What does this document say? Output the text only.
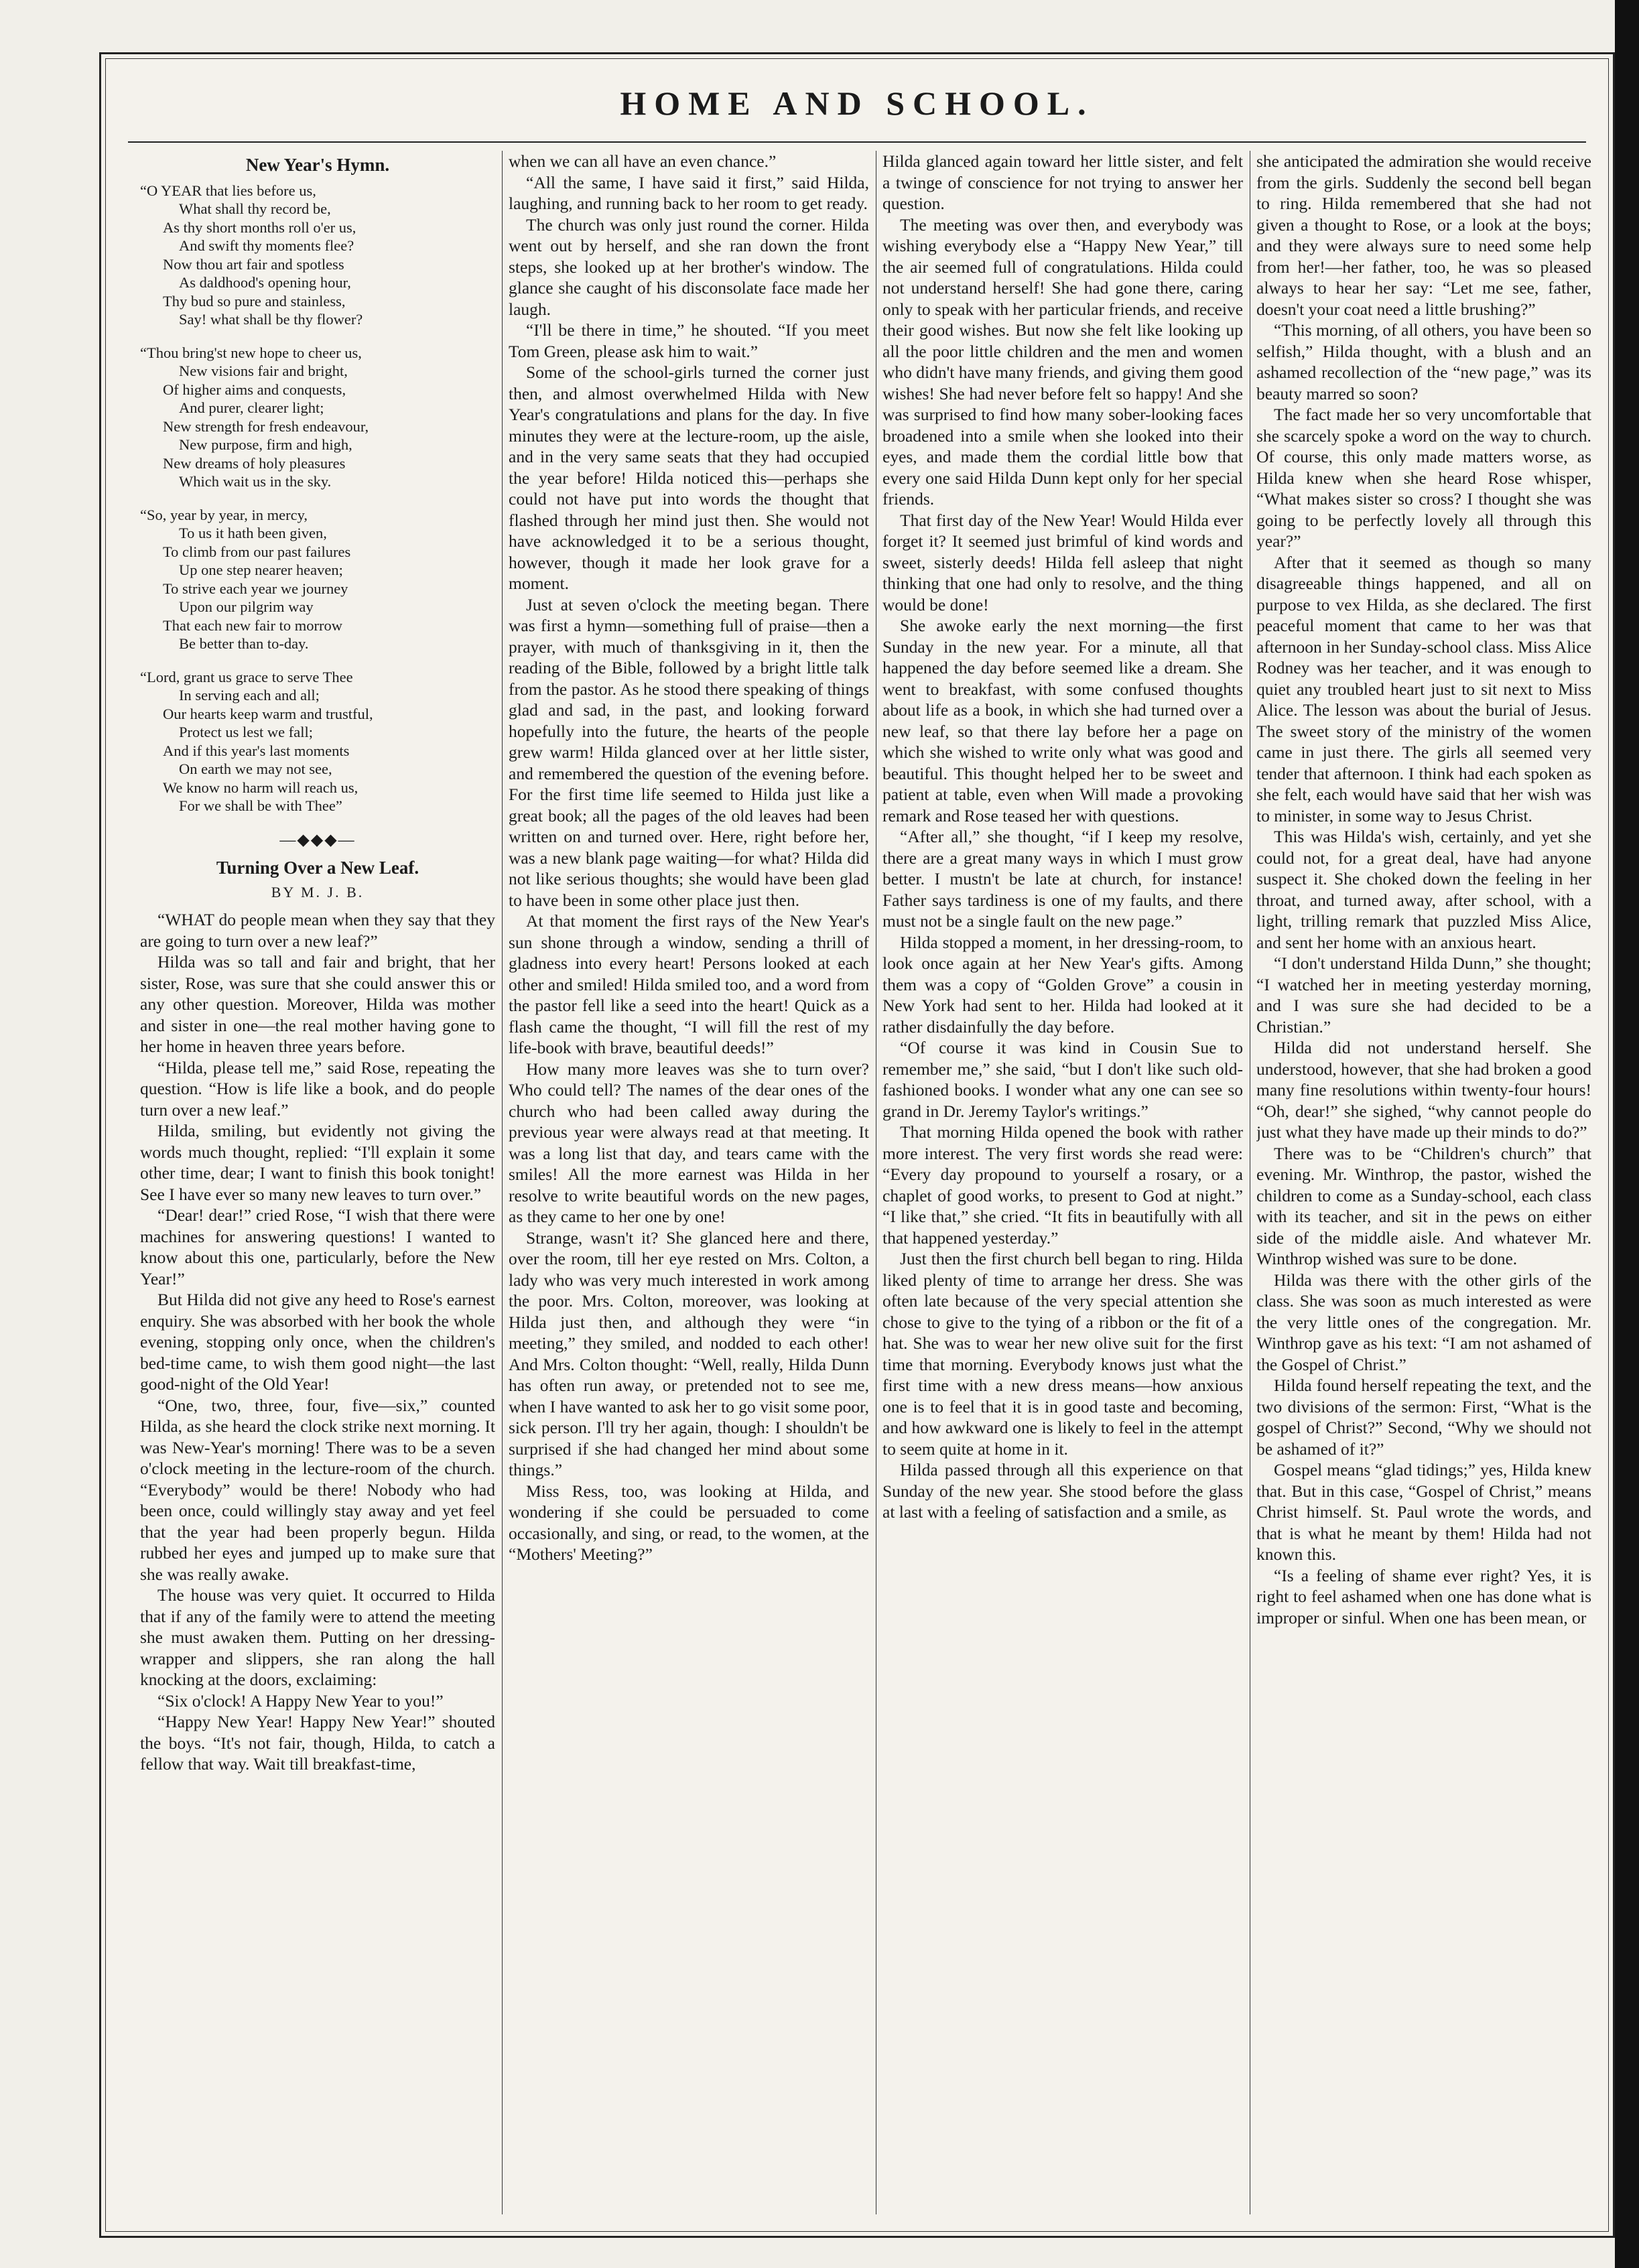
HOME AND SCHOOL.
New Year's Hymn.
“O YEAR that lies before us,
What shall thy record be,
As thy short months roll o'er us,
And swift thy moments flee?
Now thou art fair and spotless
As daldhood's opening hour,
Thy bud so pure and stainless,
Say! what shall be thy flower?
“Thou bring'st new hope to cheer us,
New visions fair and bright,
Of higher aims and conquests,
And purer, clearer light;
New strength for fresh endeavour,
New purpose, firm and high,
New dreams of holy pleasures
Which wait us in the sky.
“So, year by year, in mercy,
To us it hath been given,
To climb from our past failures
Up one step nearer heaven;
To strive each year we journey
Upon our pilgrim way
That each new fair to morrow
Be better than to-day.
“Lord, grant us grace to serve Thee
In serving each and all;
Our hearts keep warm and trustful,
Protect us lest we fall;
And if this year's last moments
On earth we may not see,
We know no harm will reach us,
For we shall be with Thee”
—◆◆◆—
Turning Over a New Leaf.
BY M. J. B.

“WHAT do people mean when they say that they are going to turn over a new leaf?”

Hilda was so tall and fair and bright, that her sister, Rose, was sure that she could answer this or any other question. Moreover, Hilda was mother and sister in one—the real mother having gone to her home in heaven three years before.

“Hilda, please tell me,” said Rose, repeating the question. “How is life like a book, and do people turn over a new leaf.”

Hilda, smiling, but evidently not giving the words much thought, replied: “I'll explain it some other time, dear; I want to finish this book tonight! See I have ever so many new leaves to turn over.”

“Dear! dear!” cried Rose, “I wish that there were machines for answering questions! I wanted to know about this one, particularly, before the New Year!”

But Hilda did not give any heed to Rose's earnest enquiry. She was absorbed with her book the whole evening, stopping only once, when the children's bed-time came, to wish them good night—the last good-night of the Old Year!

“One, two, three, four, five—six,” counted Hilda, as she heard the clock strike next morning. It was New-Year's morning! There was to be a seven o'clock meeting in the lecture-room of the church. “Everybody” would be there! Nobody who had been once, could willingly stay away and yet feel that the year had been properly begun. Hilda rubbed her eyes and jumped up to make sure that she was really awake.

The house was very quiet. It occurred to Hilda that if any of the family were to attend the meeting she must awaken them. Putting on her dressing-wrapper and slippers, she ran along the hall knocking at the doors, exclaiming:

“Six o'clock! A Happy New Year to you!”

“Happy New Year! Happy New Year!” shouted the boys. “It's not fair, though, Hilda, to catch a fellow that way. Wait till breakfast-time,

when we can all have an even chance.”

“All the same, I have said it first,” said Hilda, laughing, and running back to her room to get ready.

The church was only just round the corner. Hilda went out by herself, and she ran down the front steps, she looked up at her brother's window. The glance she caught of his disconsolate face made her laugh.

“I'll be there in time,” he shouted. “If you meet Tom Green, please ask him to wait.”

Some of the school-girls turned the corner just then, and almost overwhelmed Hilda with New Year's congratulations and plans for the day. In five minutes they were at the lecture-room, up the aisle, and in the very same seats that they had occupied the year before! Hilda noticed this—perhaps she could not have put into words the thought that flashed through her mind just then. She would not have acknowledged it to be a serious thought, however, though it made her look grave for a moment.

Just at seven o'clock the meeting began. There was first a hymn—something full of praise—then a prayer, with much of thanksgiving in it, then the reading of the Bible, followed by a bright little talk from the pastor. As he stood there speaking of things glad and sad, in the past, and looking forward hopefully into the future, the hearts of the people grew warm! Hilda glanced over at her little sister, and remembered the question of the evening before. For the first time life seemed to Hilda just like a great book; all the pages of the old leaves had been written on and turned over. Here, right before her, was a new blank page waiting—for what? Hilda did not like serious thoughts; she would have been glad to have been in some other place just then.

At that moment the first rays of the New Year's sun shone through a window, sending a thrill of gladness into every heart! Persons looked at each other and smiled! Hilda smiled too, and a word from the pastor fell like a seed into the heart! Quick as a flash came the thought, “I will fill the rest of my life-book with brave, beautiful deeds!”

How many more leaves was she to turn over? Who could tell? The names of the dear ones of the church who had been called away during the previous year were always read at that meeting. It was a long list that day, and tears came with the smiles! All the more earnest was Hilda in her resolve to write beautiful words on the new pages, as they came to her one by one!

Strange, wasn't it? She glanced here and there, over the room, till her eye rested on Mrs. Colton, a lady who was very much interested in work among the poor. Mrs. Colton, moreover, was looking at Hilda just then, and although they were “in meeting,” they smiled, and nodded to each other! And Mrs. Colton thought: “Well, really, Hilda Dunn has often run away, or pretended not to see me, when I have wanted to ask her to go visit some poor, sick person. I'll try her again, though: I shouldn't be surprised if she had changed her mind about some things.”

Miss Ress, too, was looking at Hilda, and wondering if she could be persuaded to come occasionally, and sing, or read, to the women, at the “Mothers' Meeting?”

Hilda glanced again toward her little sister, and felt a twinge of conscience for not trying to answer her question.

The meeting was over then, and everybody was wishing everybody else a “Happy New Year,” till the air seemed full of congratulations. Hilda could not understand herself! She had gone there, caring only to speak with her particular friends, and receive their good wishes. But now she felt like looking up all the poor little children and the men and women who didn't have many friends, and giving them good wishes! She had never before felt so happy! And she was surprised to find how many sober-looking faces broadened into a smile when she looked into their eyes, and made them the cordial little bow that every one said Hilda Dunn kept only for her special friends.

That first day of the New Year! Would Hilda ever forget it? It seemed just brimful of kind words and sweet, sisterly deeds! Hilda fell asleep that night thinking that one had only to resolve, and the thing would be done!

She awoke early the next morning—the first Sunday in the new year. For a minute, all that happened the day before seemed like a dream. She went to breakfast, with some confused thoughts about life as a book, in which she had turned over a new leaf, so that there lay before her a page on which she wished to write only what was good and beautiful. This thought helped her to be sweet and patient at table, even when Will made a provoking remark and Rose teased her with questions.

“After all,” she thought, “if I keep my resolve, there are a great many ways in which I must grow better. I mustn't be late at church, for instance! Father says tardiness is one of my faults, and there must not be a single fault on the new page.”

Hilda stopped a moment, in her dressing-room, to look once again at her New Year's gifts. Among them was a copy of “Golden Grove” a cousin in New York had sent to her. Hilda had looked at it rather disdainfully the day before.

“Of course it was kind in Cousin Sue to remember me,” she said, “but I don't like such old-fashioned books. I wonder what any one can see so grand in Dr. Jeremy Taylor's writings.”

That morning Hilda opened the book with rather more interest. The very first words she read were: “Every day propound to yourself a rosary, or a chaplet of good works, to present to God at night.” “I like that,” she cried. “It fits in beautifully with all that happened yesterday.”

Just then the first church bell began to ring. Hilda liked plenty of time to arrange her dress. She was often late because of the very special attention she chose to give to the tying of a ribbon or the fit of a hat. She was to wear her new olive suit for the first time that morning. Everybody knows just what the first time with a new dress means—how anxious one is to feel that it is in good taste and becoming, and how awkward one is likely to feel in the attempt to seem quite at home in it.

Hilda passed through all this experience on that Sunday of the new year. She stood before the glass at last with a feeling of satisfaction and a smile, as

she anticipated the admiration she would receive from the girls. Suddenly the second bell began to ring. Hilda remembered that she had not given a thought to Rose, or a look at the boys; and they were always sure to need some help from her!—her father, too, he was so pleased always to hear her say: “Let me see, father, doesn't your coat need a little brushing?”

“This morning, of all others, you have been so selfish,” Hilda thought, with a blush and an ashamed recollection of the “new page,” was its beauty marred so soon?

The fact made her so very uncomfortable that she scarcely spoke a word on the way to church. Of course, this only made matters worse, as Hilda knew when she heard Rose whisper, “What makes sister so cross? I thought she was going to be perfectly lovely all through this year?”

After that it seemed as though so many disagreeable things happened, and all on purpose to vex Hilda, as she declared. The first peaceful moment that came to her was that afternoon in her Sunday-school class. Miss Alice Rodney was her teacher, and it was enough to quiet any troubled heart just to sit next to Miss Alice. The lesson was about the burial of Jesus. The sweet story of the ministry of the women came in just there. The girls all seemed very tender that afternoon. I think had each spoken as she felt, each would have said that her wish was to minister, in some way to Jesus Christ.

This was Hilda's wish, certainly, and yet she could not, for a great deal, have had anyone suspect it. She choked down the feeling in her throat, and turned away, after school, with a light, trilling remark that puzzled Miss Alice, and sent her home with an anxious heart.

“I don't understand Hilda Dunn,” she thought; “I watched her in meeting yesterday morning, and I was sure she had decided to be a Christian.”

Hilda did not understand herself. She understood, however, that she had broken a good many fine resolutions within twenty-four hours! “Oh, dear!” she sighed, “why cannot people do just what they have made up their minds to do?”

There was to be “Children's church” that evening. Mr. Winthrop, the pastor, wished the children to come as a Sunday-school, each class with its teacher, and sit in the pews on either side of the middle aisle. And whatever Mr. Winthrop wished was sure to be done.

Hilda was there with the other girls of the class. She was soon as much interested as were the very little ones of the congregation. Mr. Winthrop gave as his text: “I am not ashamed of the Gospel of Christ.”

Hilda found herself repeating the text, and the two divisions of the sermon: First, “What is the gospel of Christ?” Second, “Why we should not be ashamed of it?”

Gospel means “glad tidings;” yes, Hilda knew that. But in this case, “Gospel of Christ,” means Christ himself. St. Paul wrote the words, and that is what he meant by them! Hilda had not known this.

“Is a feeling of shame ever right? Yes, it is right to feel ashamed when one has done what is improper or sinful. When one has been mean, or
